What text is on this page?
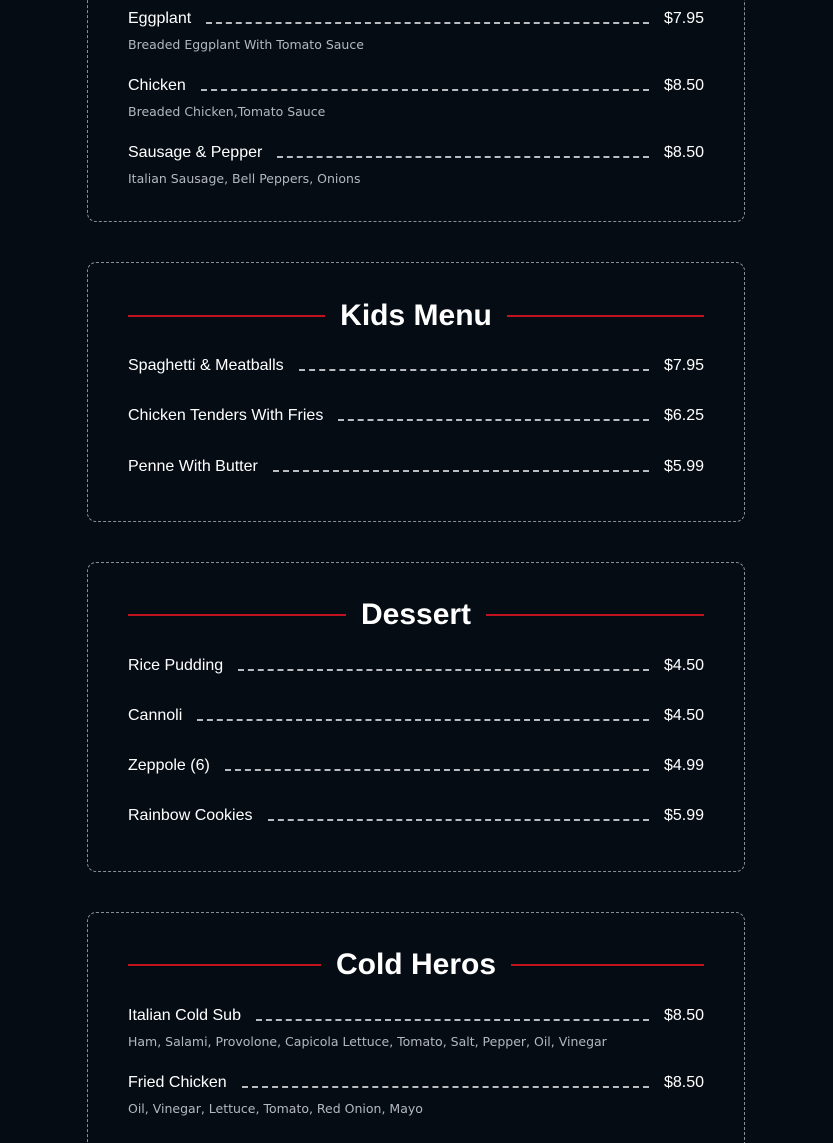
Eggplant	$7.95
Breaded Eggplant With Tomato Sauce
Chicken	$8.50
Breaded Chicken,Tomato Sauce
Sausage & Pepper	$8.50
Italian Sausage, Bell Peppers, Onions
Kids Menu
Spaghetti & Meatballs	$7.95
Chicken Tenders With Fries	$6.25
Penne With Butter	$5.99
Dessert
Rice Pudding	$4.50
Cannoli	$4.50
Zeppole (6)	$4.99
Rainbow Cookies	$5.99
Cold Heros
Italian Cold Sub	$8.50
Ham, Salami, Provolone, Capicola Lettuce, Tomato, Salt, Pepper, Oil, Vinegar
Fried Chicken	$8.50
Oil, Vinegar, Lettuce, Tomato, Red Onion, Mayo
